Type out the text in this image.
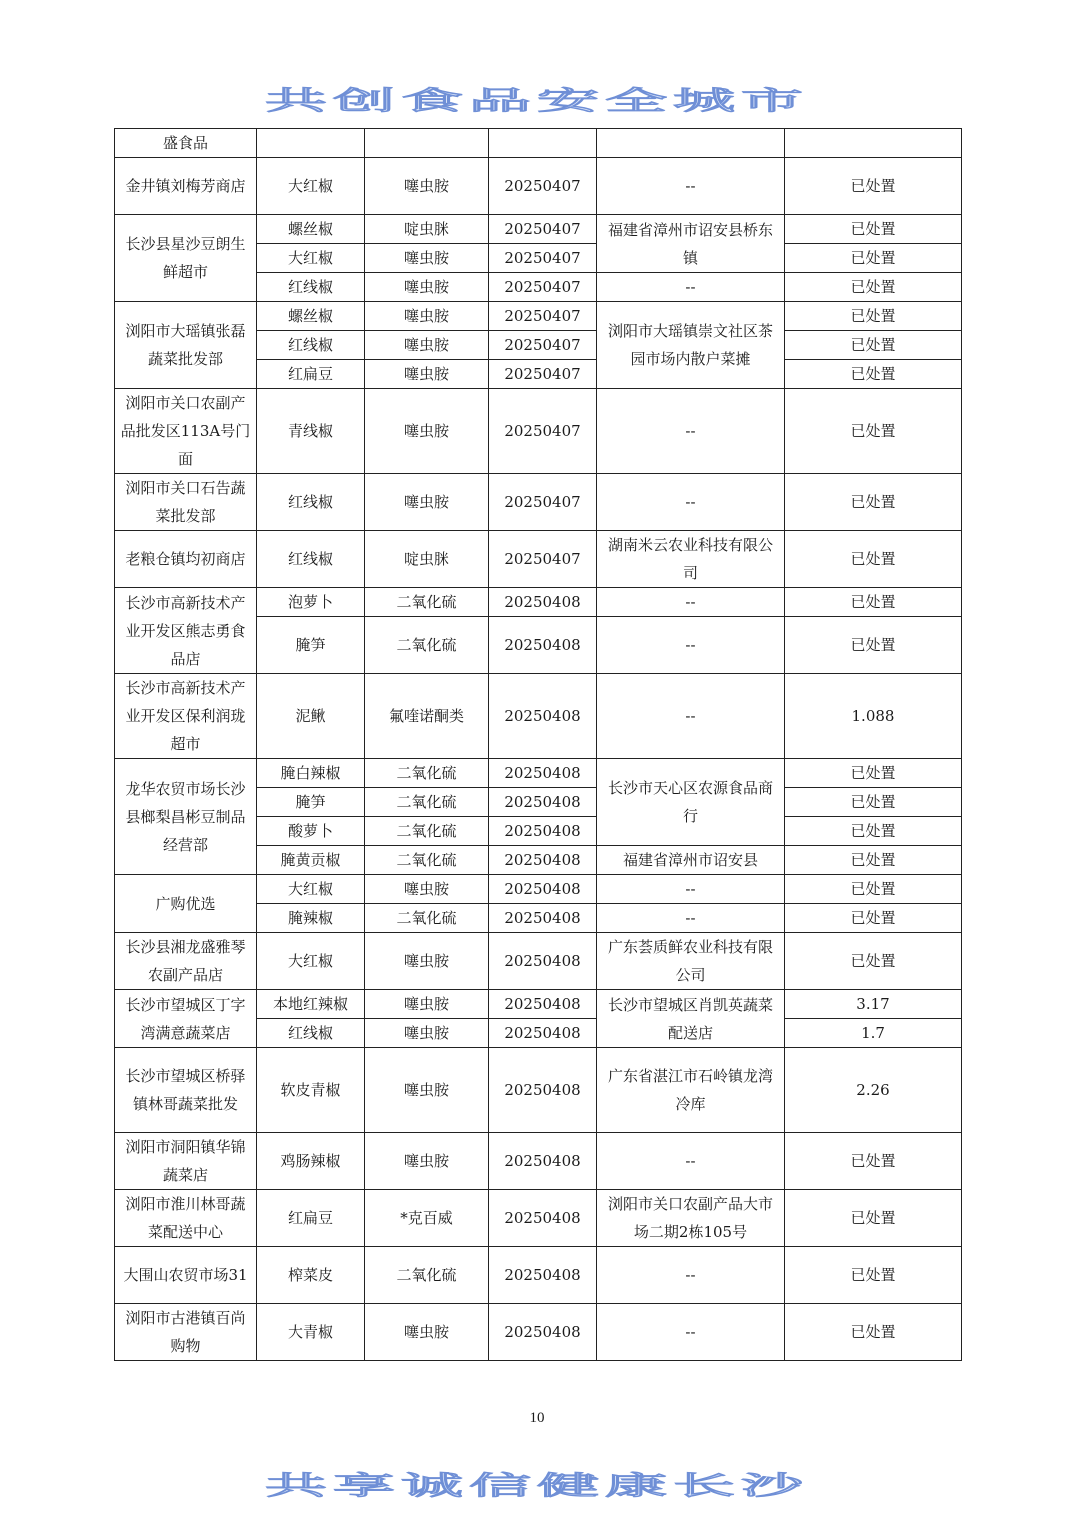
共创食品安全城市
盛食品					
金井镇刘梅芳商店	大红椒	噻虫胺	20250407	--	已处置
长沙县星沙豆朗生鲜超市	螺丝椒	啶虫脒	20250407	福建省漳州市诏安县桥东镇	已处置
	大红椒	噻虫胺	20250407		已处置
	红线椒	噻虫胺	20250407	--	已处置
浏阳市大瑶镇张磊蔬菜批发部	螺丝椒	噻虫胺	20250407	浏阳市大瑶镇崇文社区茶园市场内散户菜摊	已处置
	红线椒	噻虫胺	20250407		已处置
	红扁豆	噻虫胺	20250407		已处置
浏阳市关口农副产品批发区113A号门面	青线椒	噻虫胺	20250407	--	已处置
浏阳市关口石告蔬菜批发部	红线椒	噻虫胺	20250407	--	已处置
老粮仓镇均初商店	红线椒	啶虫脒	20250407	湖南米云农业科技有限公司	已处置
长沙市高新技术产业开发区熊志勇食品店	泡萝卜	二氧化硫	20250408	--	已处置
	腌笋	二氧化硫	20250408	--	已处置
长沙市高新技术产业开发区保利润珑超市	泥鳅	氟喹诺酮类	20250408	--	1.088
龙华农贸市场长沙县榔梨昌彬豆制品经营部	腌白辣椒	二氧化硫	20250408	长沙市天心区农源食品商行	已处置
	腌笋	二氧化硫	20250408		已处置
	酸萝卜	二氧化硫	20250408		已处置
	腌黄贡椒	二氧化硫	20250408	福建省漳州市诏安县	已处置
广购优选	大红椒	噻虫胺	20250408	--	已处置
	腌辣椒	二氧化硫	20250408	--	已处置
长沙县湘龙盛雅琴农副产品店	大红椒	噻虫胺	20250408	广东荟质鲜农业科技有限公司	已处置
长沙市望城区丁字湾满意蔬菜店	本地红辣椒	噻虫胺	20250408	长沙市望城区肖凯英蔬菜配送店	3.17
	红线椒	噻虫胺	20250408		1.7
长沙市望城区桥驿镇林哥蔬菜批发	软皮青椒	噻虫胺	20250408	广东省湛江市石岭镇龙湾冷库	2.26
浏阳市洞阳镇华锦蔬菜店	鸡肠辣椒	噻虫胺	20250408	--	已处置
浏阳市淮川林哥蔬菜配送中心	红扁豆	*克百威	20250408	浏阳市关口农副产品大市场二期2栋105号	已处置
大围山农贸市场31	榨菜皮	二氧化硫	20250408	--	已处置
浏阳市古港镇百尚购物	大青椒	噻虫胺	20250408	--	已处置
10
共享诚信健康长沙
